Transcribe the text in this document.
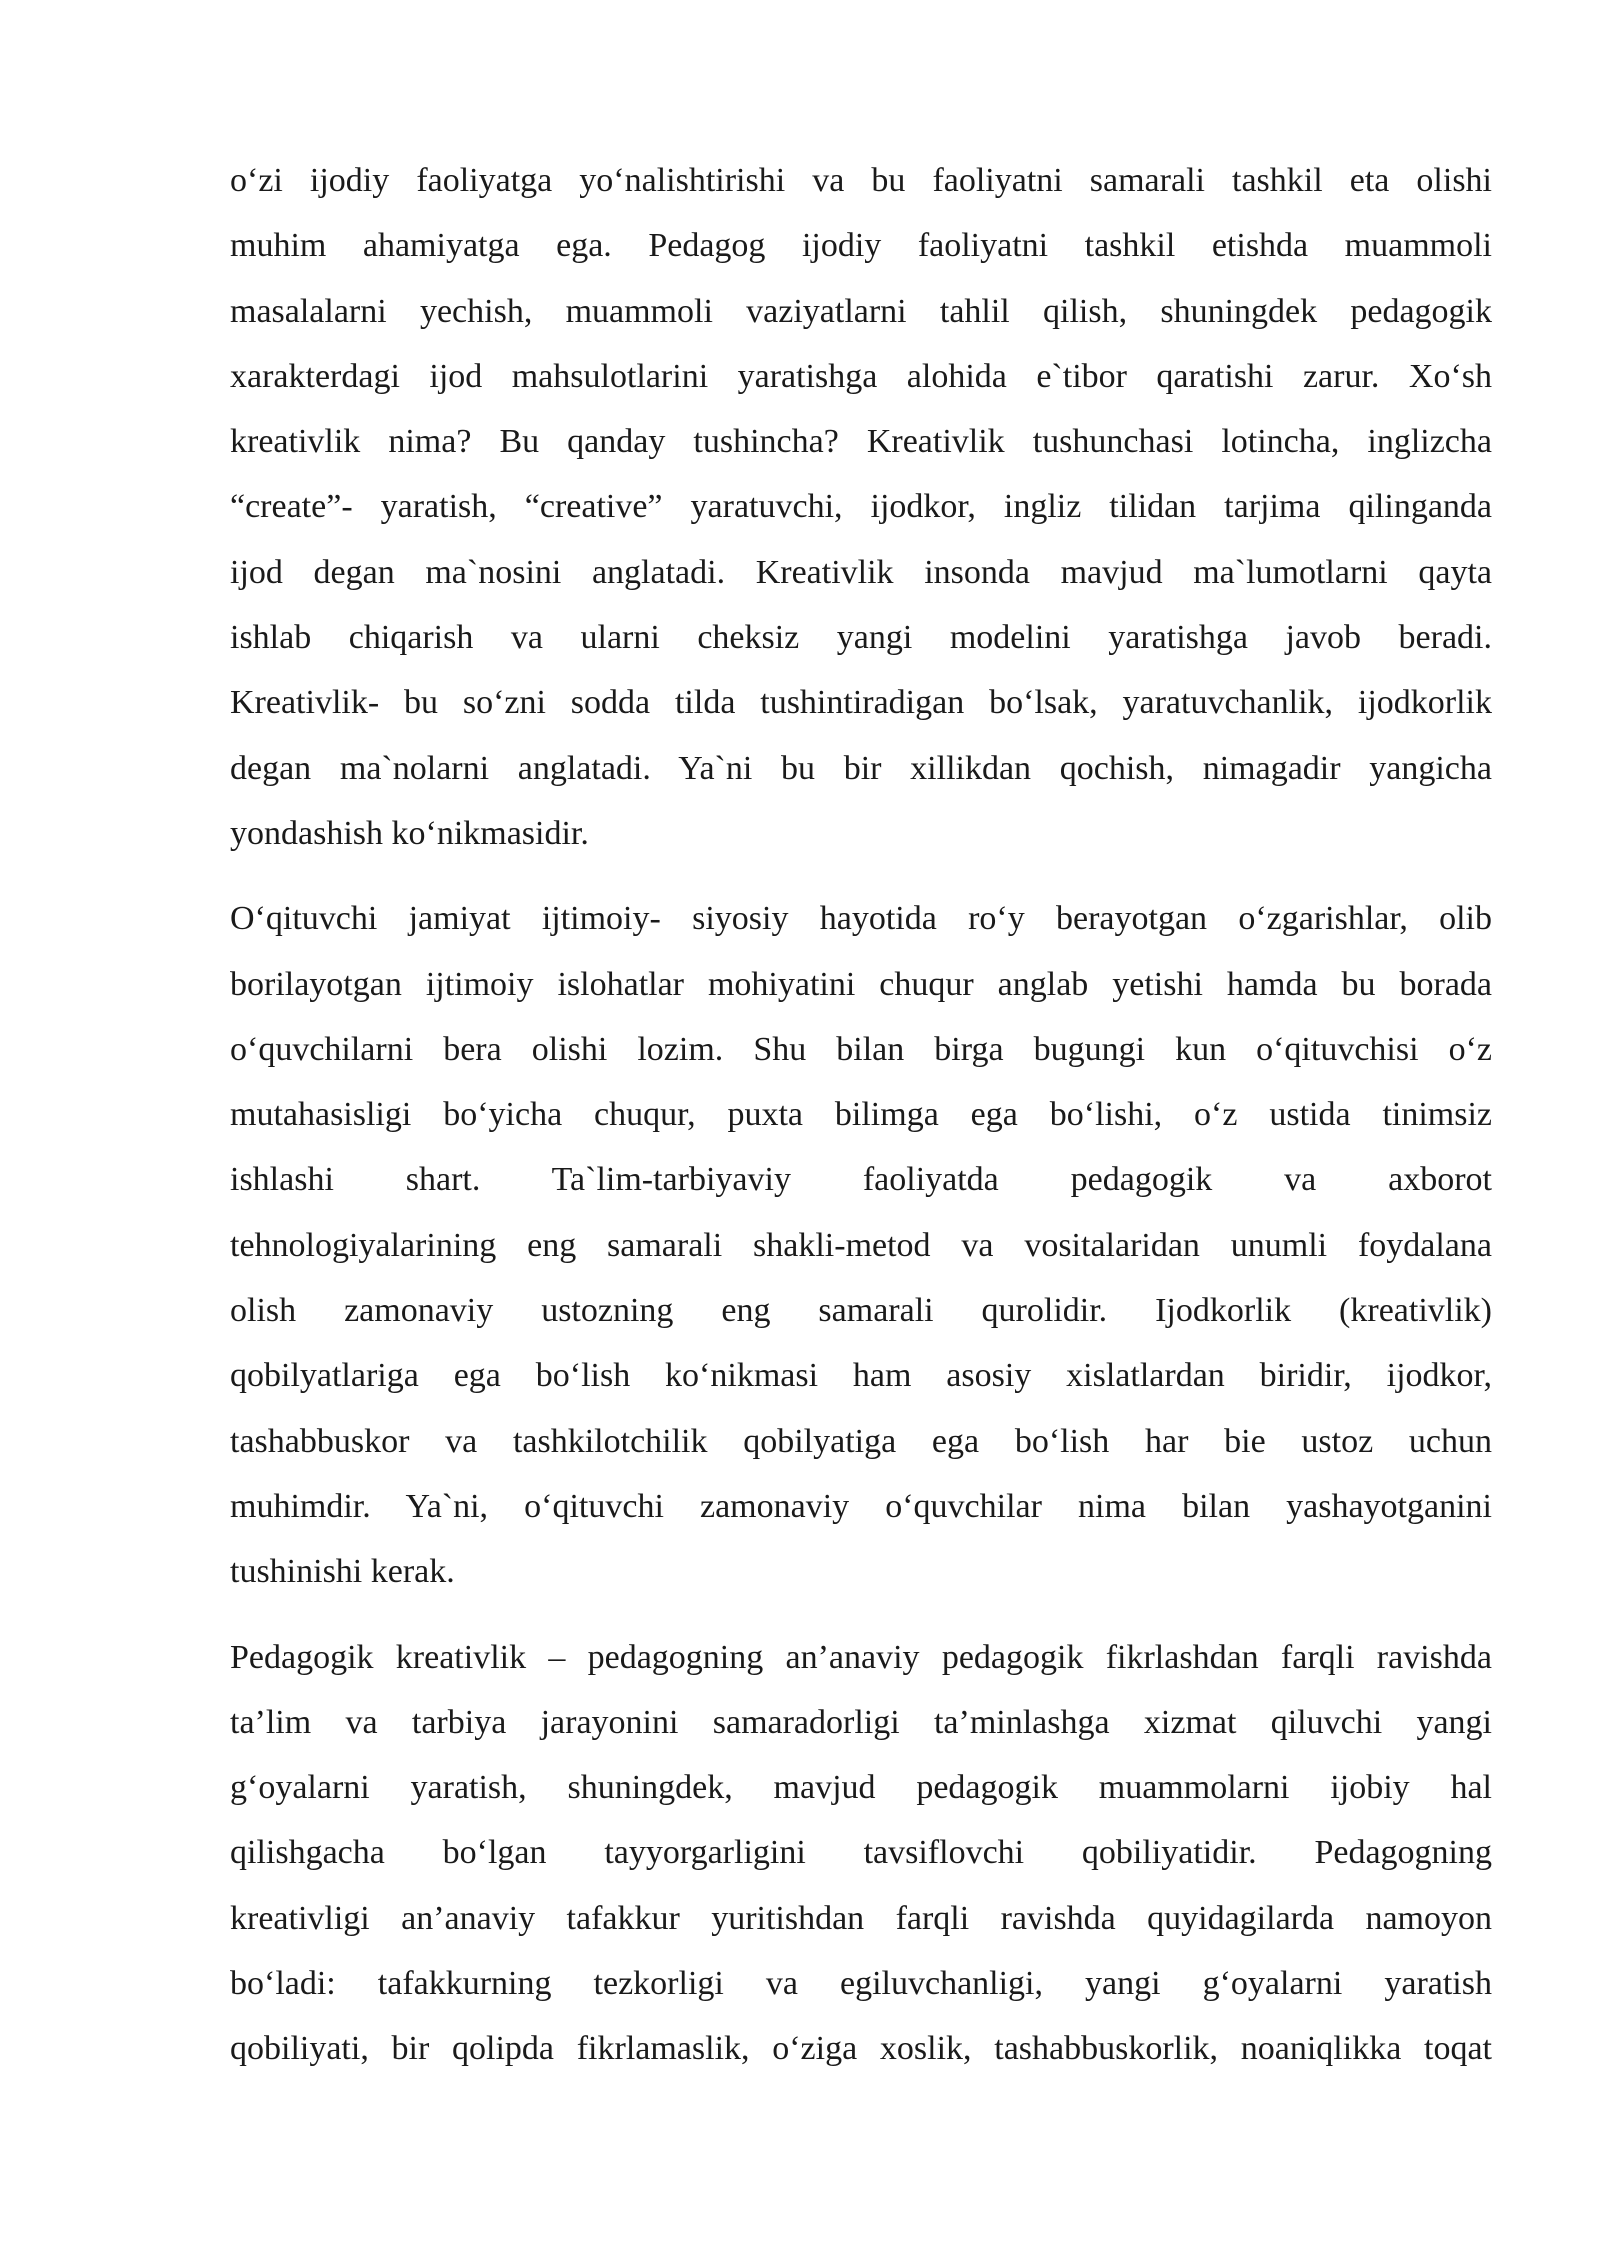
o‘zi ijodiy faoliyatga yo‘nalishtirishi va bu faoliyatni samarali tashkil eta olishi
muhim ahamiyatga ega. Pedagog ijodiy faoliyatni tashkil etishda muammoli
masalalarni yechish, muammoli vaziyatlarni tahlil qilish, shuningdek pedagogik
xarakterdagi ijod mahsulotlarini yaratishga alohida e`tibor qaratishi zarur. Xo‘sh
kreativlik nima? Bu qanday tushincha? Kreativlik tushunchasi lotincha, inglizcha
“create”- yaratish, “creative” yaratuvchi, ijodkor, ingliz tilidan tarjima qilinganda
ijod degan ma`nosini anglatadi. Kreativlik insonda mavjud ma`lumotlarni qayta
ishlab chiqarish va ularni cheksiz yangi modelini yaratishga javob beradi.
Kreativlik- bu so‘zni sodda tilda tushintiradigan bo‘lsak, yaratuvchanlik, ijodkorlik
degan ma`nolarni anglatadi. Ya`ni bu bir xillikdan qochish, nimagadir yangicha
yondashish ko‘nikmasidir.

O‘qituvchi jamiyat ijtimoiy- siyosiy hayotida ro‘y berayotgan o‘zgarishlar, olib
borilayotgan ijtimoiy islohatlar mohiyatini chuqur anglab yetishi hamda bu borada
o‘quvchilarni bera olishi lozim. Shu bilan birga bugungi kun o‘qituvchisi o‘z
mutahasisligi bo‘yicha chuqur, puxta bilimga ega bo‘lishi, o‘z ustida tinimsiz
ishlashi shart. Ta`lim-tarbiyaviy faoliyatda pedagogik va axborot
tehnologiyalarining eng samarali shakli-metod va vositalaridan unumli foydalana
olish zamonaviy ustozning eng samarali qurolidir. Ijodkorlik (kreativlik)
qobilyatlariga ega bo‘lish ko‘nikmasi ham asosiy xislatlardan biridir, ijodkor,
tashabbuskor va tashkilotchilik qobilyatiga ega bo‘lish har bie ustoz uchun
muhimdir. Ya`ni, o‘qituvchi zamonaviy o‘quvchilar nima bilan yashayotganini
tushinishi kerak.

Pedagogik kreativlik – pedagogning an’anaviy pedagogik fikrlashdan farqli ravishda
ta’lim va tarbiya jarayonini samaradorligi ta’minlashga xizmat qiluvchi yangi
g‘oyalarni yaratish, shuningdek, mavjud pedagogik muammolarni ijobiy hal
qilishgacha bo‘lgan tayyorgarligini tavsiflovchi qobiliyatidir. Pedagogning
kreativligi an’anaviy tafakkur yuritishdan farqli ravishda quyidagilarda namoyon
bo‘ladi: tafakkurning tezkorligi va egiluvchanligi, yangi g‘oyalarni yaratish
qobiliyati, bir qolipda fikrlamaslik, o‘ziga xoslik, tashabbuskorlik, noaniqlikka toqat
